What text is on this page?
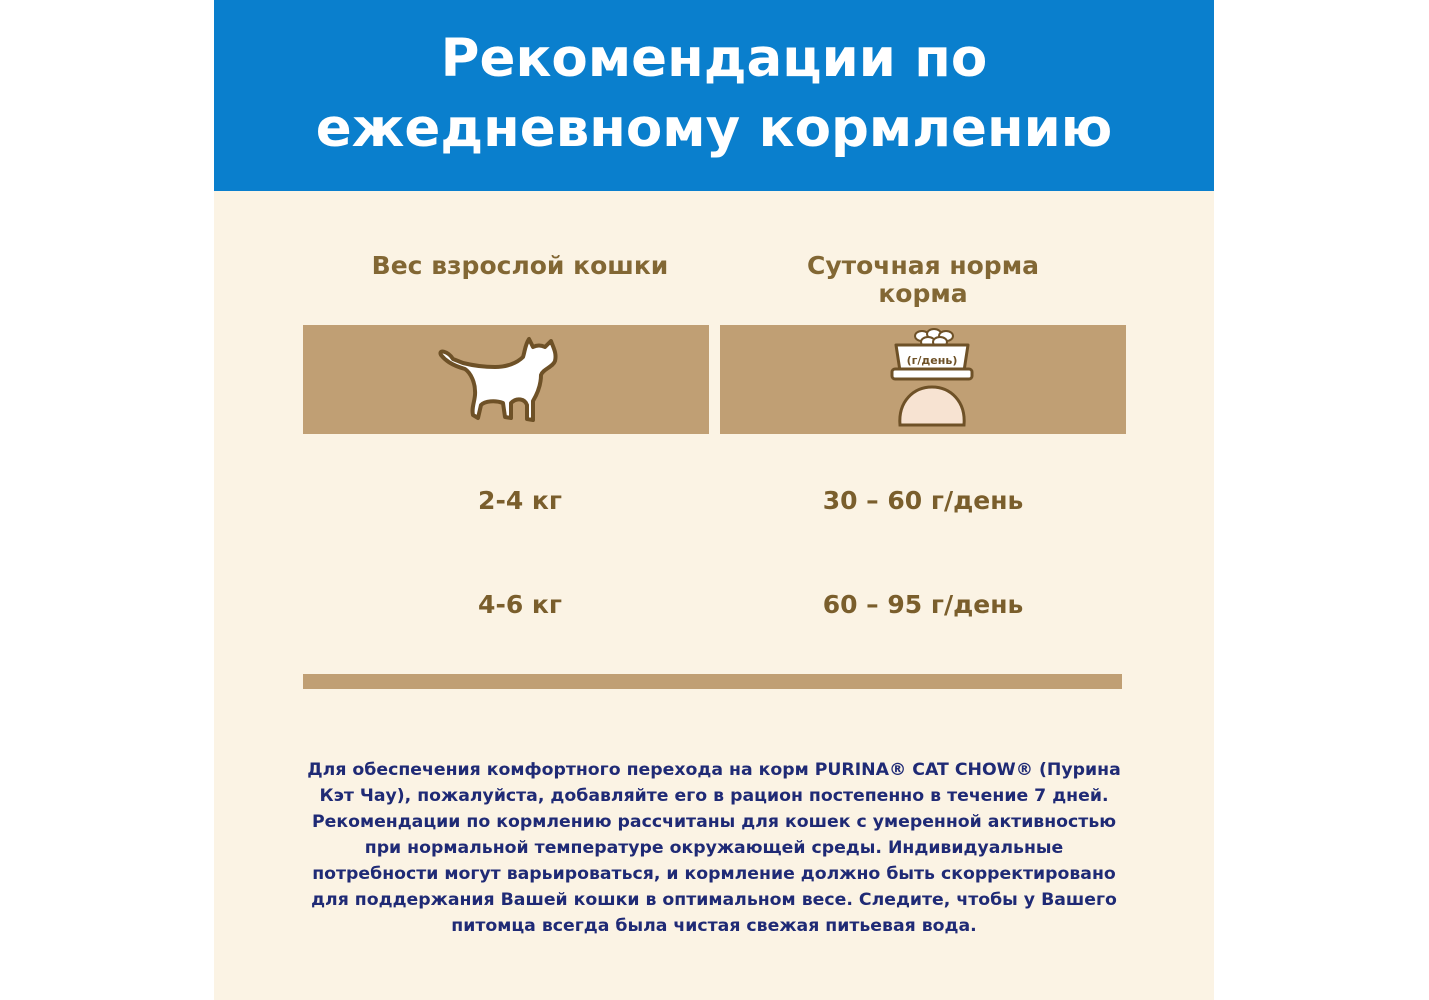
Рекомендации по
ежедневному кормлению
Вес взрослой кошки	Суточная норма
корма
(г/день)
2-4 кг	30 – 60 г/день
4-6 кг	60 – 95 г/день

Для обеспечения комфортного перехода на корм PURINA® CAT CHOW® (Пурина
Кэт Чау), пожалуйста, добавляйте его в рацион постепенно в течение 7 дней.
Рекомендации по кормлению рассчитаны для кошек с умеренной активностью
при нормальной температуре окружающей среды. Индивидуальные
потребности могут варьироваться, и кормление должно быть скорректировано
для поддержания Вашей кошки в оптимальном весе. Следите, чтобы у Вашего
питомца всегда была чистая свежая питьевая вода.
